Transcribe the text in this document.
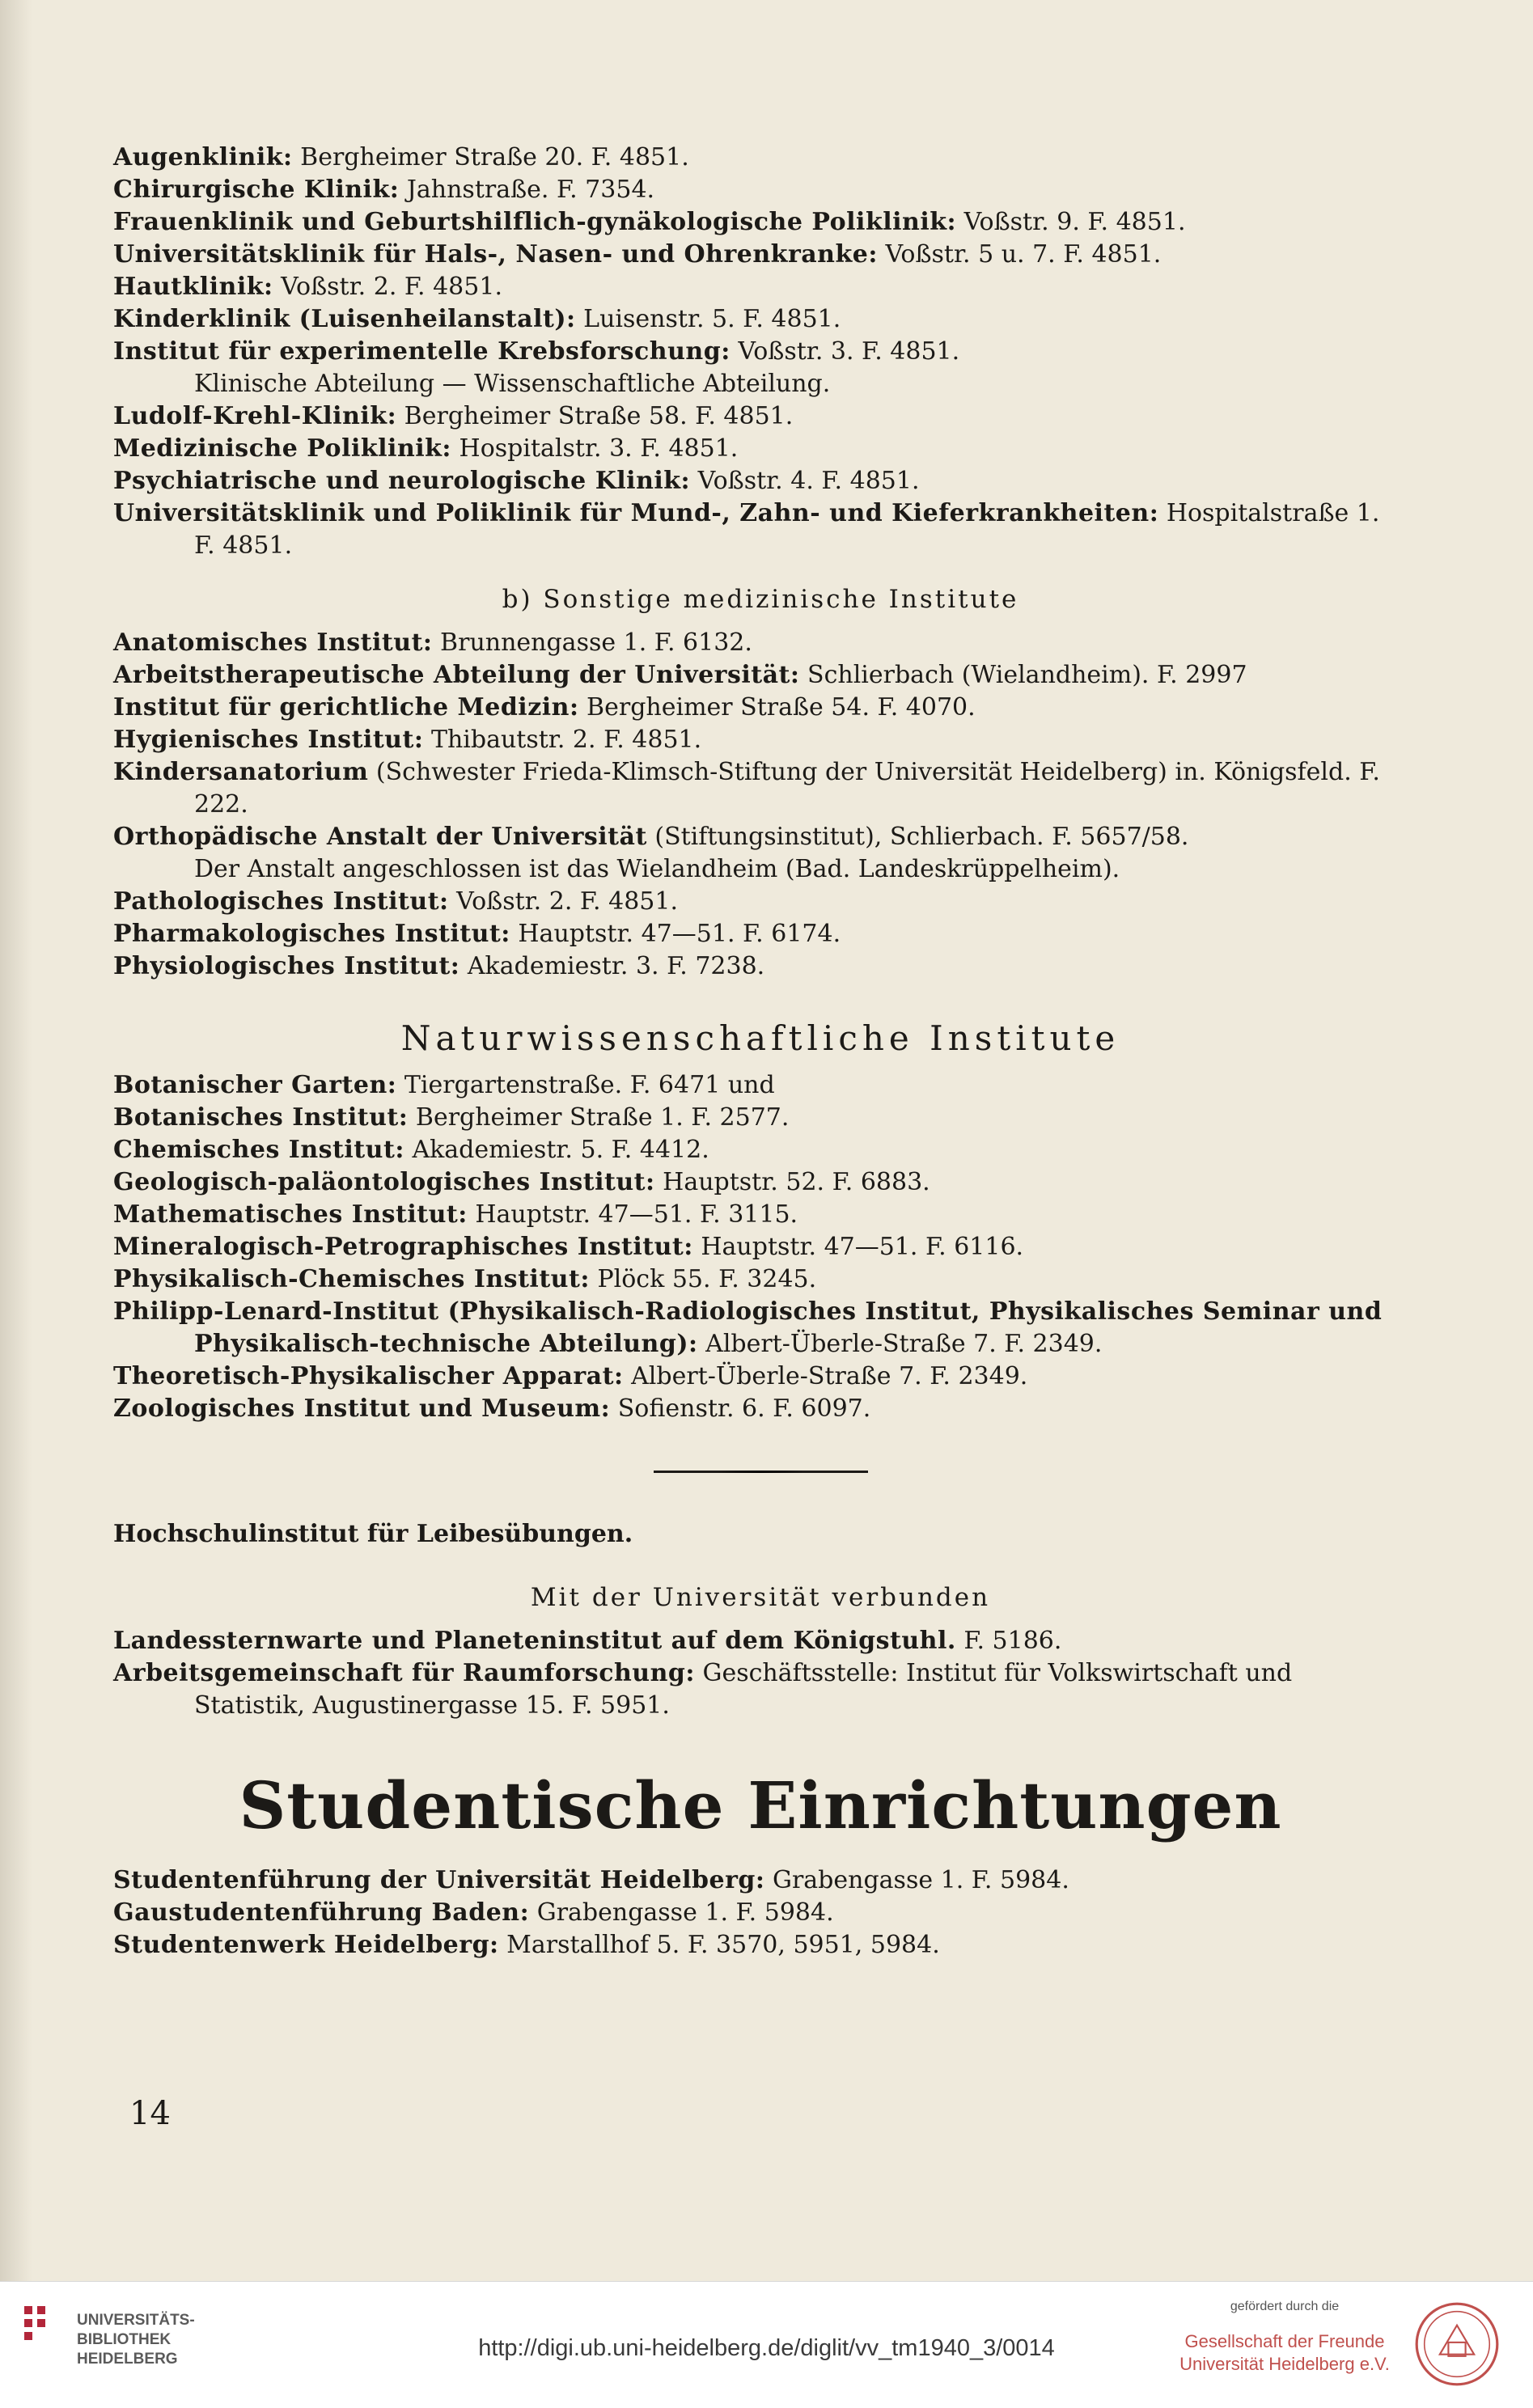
Augenklinik: Bergheimer Straße 20. F. 4851.
Chirurgische Klinik: Jahnstraße. F. 7354.
Frauenklinik und Geburtshilflich-gynäkologische Poliklinik: Voßstr. 9. F. 4851.
Universitätsklinik für Hals-, Nasen- und Ohrenkranke: Voßstr. 5 u. 7. F. 4851.
Hautklinik: Voßstr. 2. F. 4851.
Kinderklinik (Luisenheilanstalt): Luisenstr. 5. F. 4851.
Institut für experimentelle Krebsforschung: Voßstr. 3. F. 4851.
Klinische Abteilung — Wissenschaftliche Abteilung.
Ludolf-Krehl-Klinik: Bergheimer Straße 58. F. 4851.
Medizinische Poliklinik: Hospitalstr. 3. F. 4851.
Psychiatrische und neurologische Klinik: Voßstr. 4. F. 4851.
Universitätsklinik und Poliklinik für Mund-, Zahn- und Kieferkrankheiten: Hospitalstraße 1. F. 4851.
b) Sonstige medizinische Institute
Anatomisches Institut: Brunnengasse 1. F. 6132.
Arbeitstherapeutische Abteilung der Universität: Schlierbach (Wielandheim). F. 2997
Institut für gerichtliche Medizin: Bergheimer Straße 54. F. 4070.
Hygienisches Institut: Thibautstr. 2. F. 4851.
Kindersanatorium (Schwester Frieda-Klimsch-Stiftung der Universität Heidelberg) in. Königsfeld. F. 222.
Orthopädische Anstalt der Universität (Stiftungsinstitut), Schlierbach. F. 5657/58.
Der Anstalt angeschlossen ist das Wielandheim (Bad. Landeskrüppelheim).
Pathologisches Institut: Voßstr. 2. F. 4851.
Pharmakologisches Institut: Hauptstr. 47—51. F. 6174.
Physiologisches Institut: Akademiestr. 3. F. 7238.
Naturwissenschaftliche Institute
Botanischer Garten: Tiergartenstraße. F. 6471 und
Botanisches Institut: Bergheimer Straße 1. F. 2577.
Chemisches Institut: Akademiestr. 5. F. 4412.
Geologisch-paläontologisches Institut: Hauptstr. 52. F. 6883.
Mathematisches Institut: Hauptstr. 47—51. F. 3115.
Mineralogisch-Petrographisches Institut: Hauptstr. 47—51. F. 6116.
Physikalisch-Chemisches Institut: Plöck 55. F. 3245.
Philipp-Lenard-Institut (Physikalisch-Radiologisches Institut, Physikalisches Seminar und Physikalisch-technische Abteilung): Albert-Überle-Straße 7. F. 2349.
Theoretisch-Physikalischer Apparat: Albert-Überle-Straße 7. F. 2349.
Zoologisches Institut und Museum: Sofienstr. 6. F. 6097.
Hochschulinstitut für Leibesübungen.
Mit der Universität verbunden
Landessternwarte und Planeteninstitut auf dem Königstuhl. F. 5186.
Arbeitsgemeinschaft für Raumforschung: Geschäftsstelle: Institut für Volkswirtschaft und Statistik, Augustinergasse 15. F. 5951.
Studentische Einrichtungen
Studentenführung der Universität Heidelberg: Grabengasse 1. F. 5984.
Gaustudentenführung Baden: Grabengasse 1. F. 5984.
Studentenwerk Heidelberg: Marstallhof 5. F. 3570, 5951, 5984.
14
UNIVERSITÄTS-
BIBLIOTHEK
HEIDELBERG	http://digi.ub.uni-heidelberg.de/diglit/vv_tm1940_3/0014
gefördert durch die
Gesellschaft der Freunde
Universität Heidelberg e.V.
